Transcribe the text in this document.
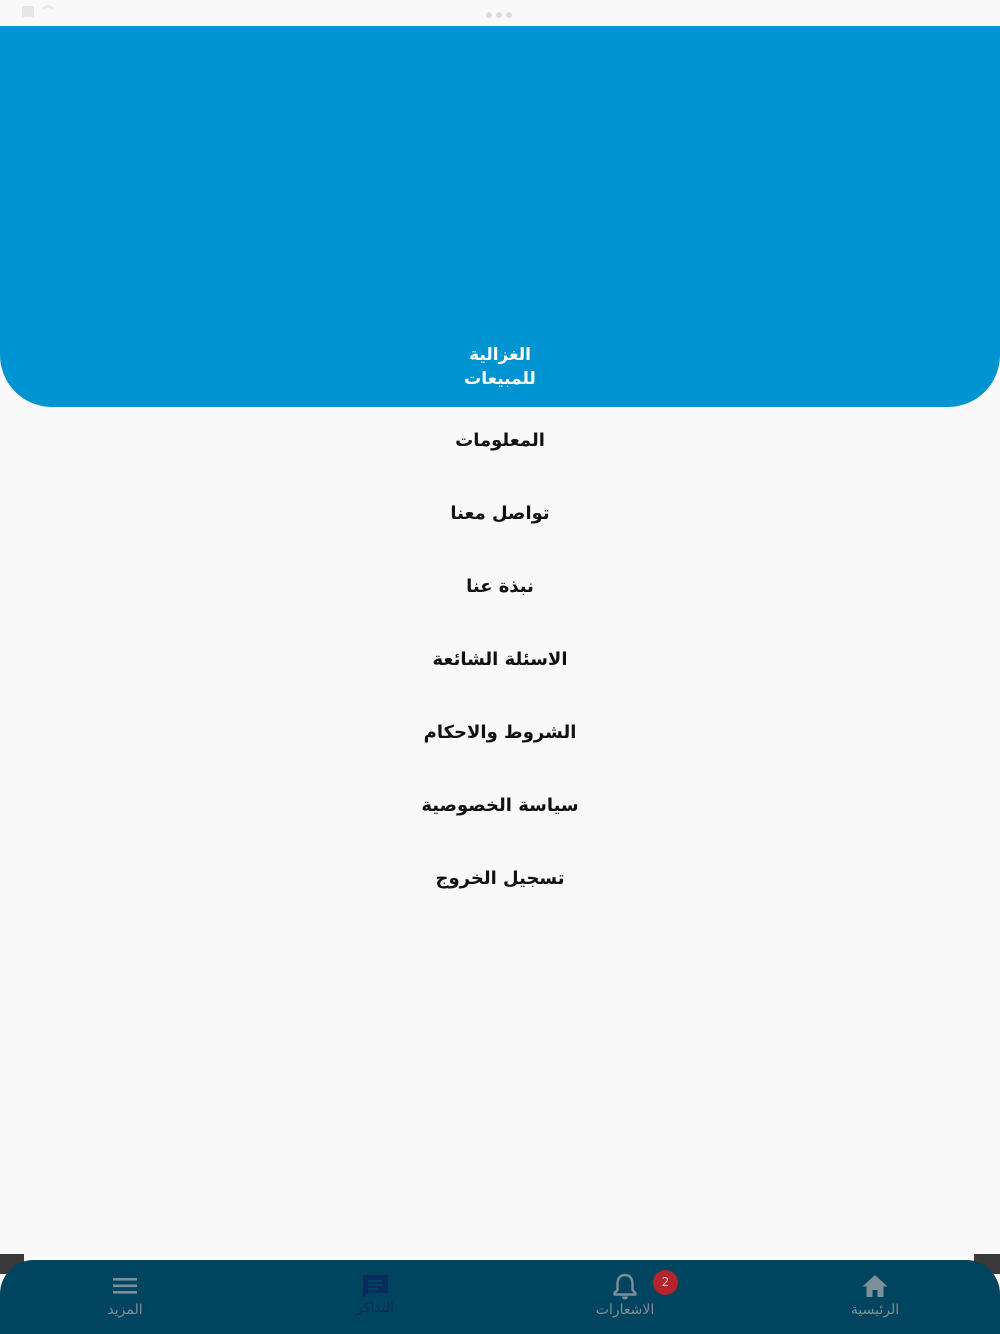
الغزالية
للمبيعات
المعلومات
تواصل معنا
نبذة عنا
الاسئلة الشائعة
الشروط والاحكام
سياسة الخصوصية
تسجيل الخروج
المزيد	التذاكر	الاشعارات	الرئيسية
2
